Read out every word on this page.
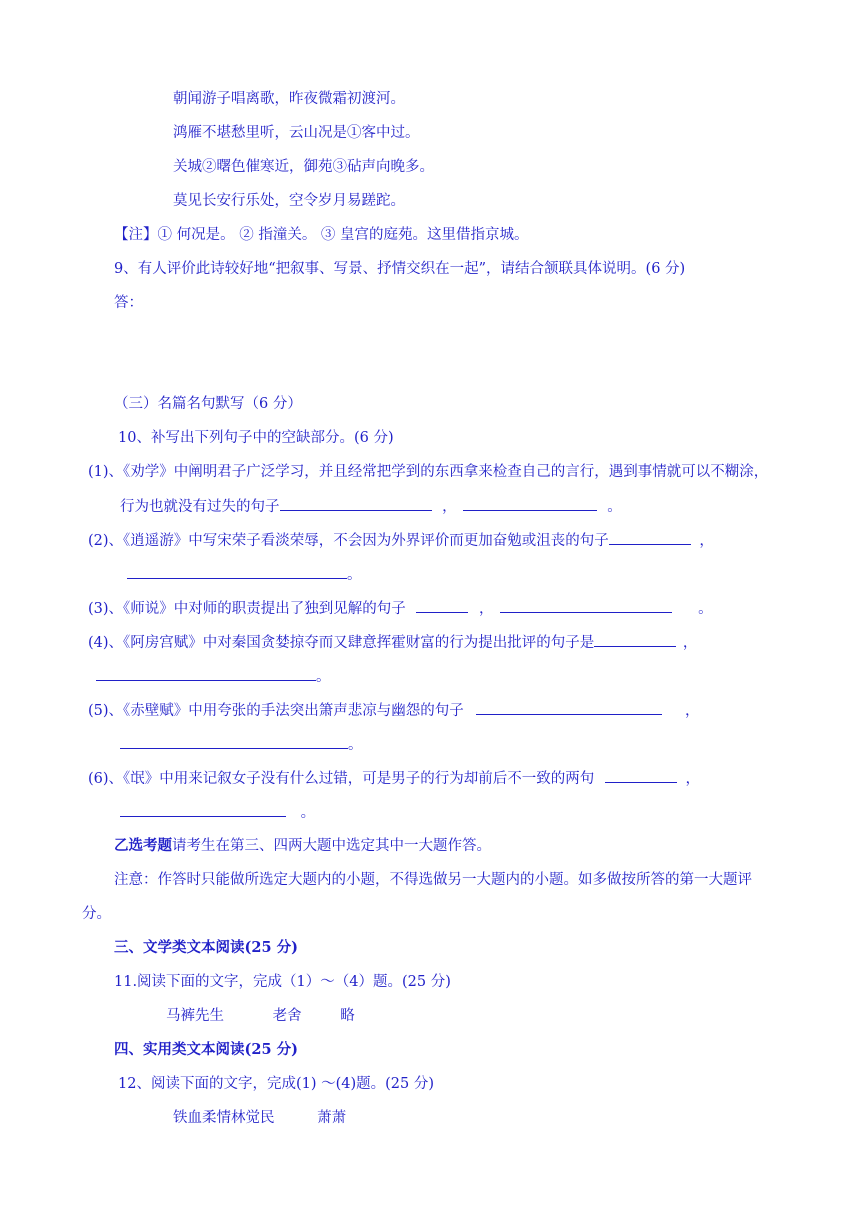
朝闻游子唱离歌，昨夜微霜初渡河。
鸿雁不堪愁里听，云山况是①客中过。
关城②曙色催寒近，御苑③砧声向晚多。
莫见长安行乐处，空令岁月易蹉跎。
【注】① 何况是。 ② 指潼关。 ③ 皇宫的庭苑。这里借指京城。
9、有人评价此诗较好地“把叙事、写景、抒情交织在一起”，请结合颔联具体说明。(6 分)
答：
（三）名篇名句默写（6 分）
10、补写出下列句子中的空缺部分。(6 分)
(1)、《劝学》中阐明君子广泛学习，并且经常把学到的东西拿来检查自己的言行，遇到事情就可以不糊涂，
行为也就没有过失的句子	，	。
(2)、《逍遥游》中写宋荣子看淡荣辱，不会因为外界评价而更加奋勉或沮丧的句子	，
。
(3)、《师说》中对师的职责提出了独到见解的句子	，	。
(4)、《阿房宫赋》中对秦国贪婪掠夺而又肆意挥霍财富的行为提出批评的句子是	，
。
(5)、《赤壁赋》中用夸张的手法突出箫声悲凉与幽怨的句子	，
。
(6)、《氓》中用来记叙女子没有什么过错，可是男子的行为却前后不一致的两句	，
。
乙选考题请考生在第三、四两大题中选定其中一大题作答。
注意：作答时只能做所选定大题内的小题，不得选做另一大题内的小题。如多做按所答的第一大题评
分。
三、文学类文本阅读(25 分)
11.阅读下面的文字，完成（1）～（4）题。(25 分)
马裤先生	老舍	略
四、实用类文本阅读(25 分)
12、阅读下面的文字，完成(1) ～(4)题。(25 分)
铁血柔情林觉民	萧萧
